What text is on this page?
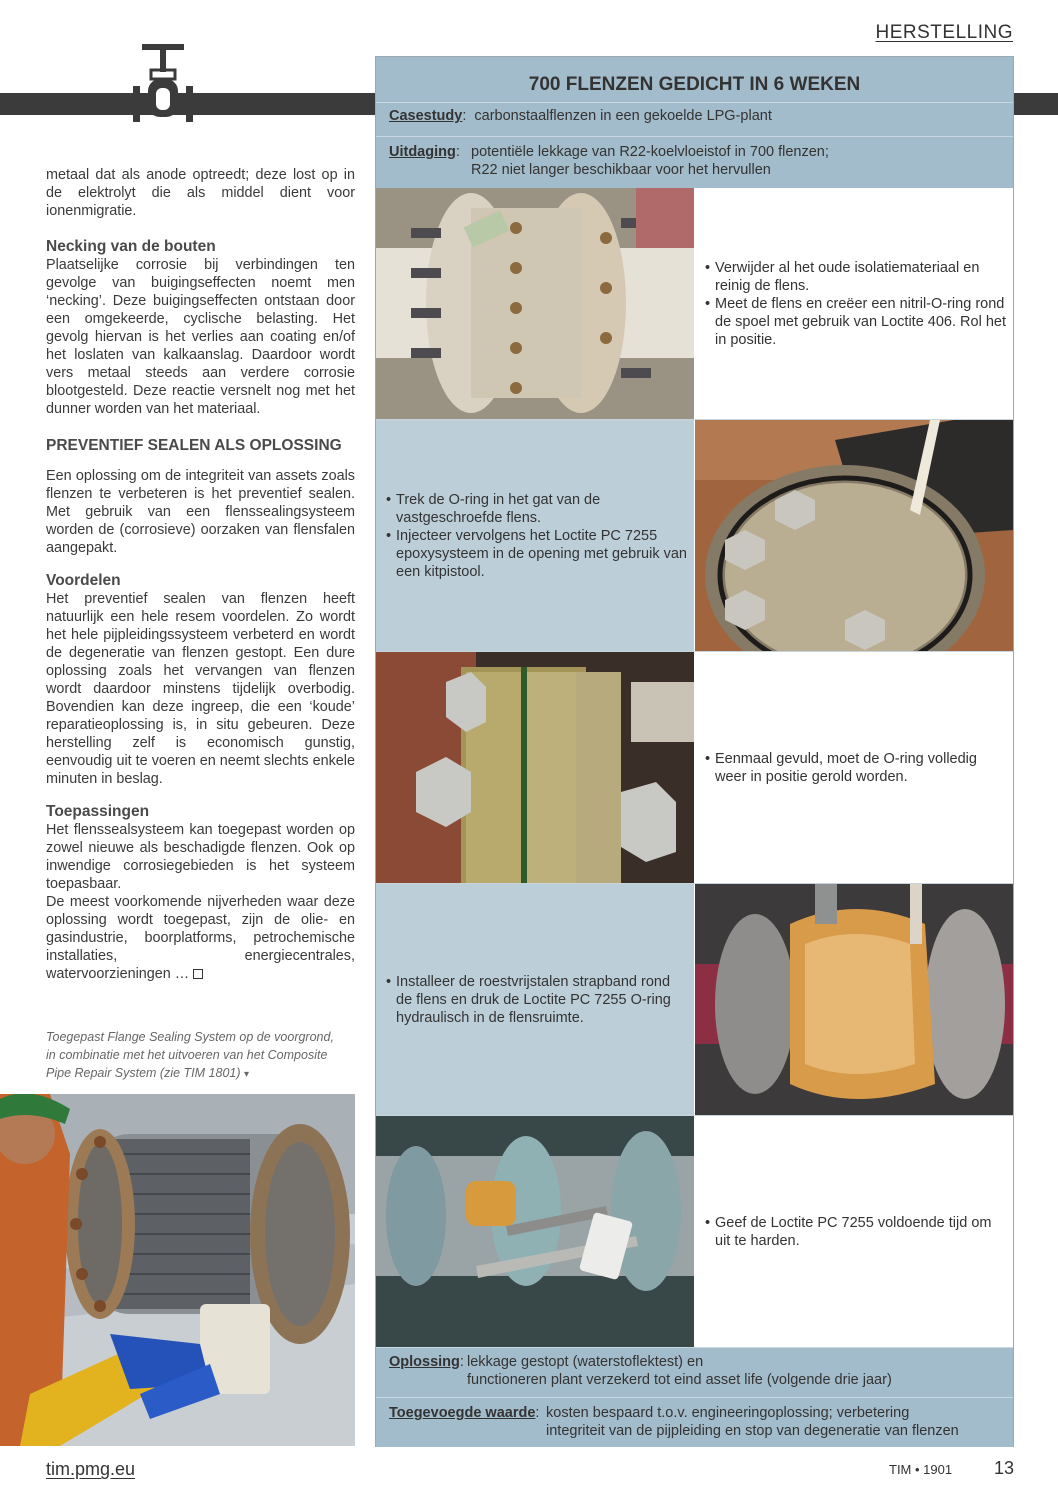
HERSTELLING

metaal dat als anode optreedt; deze lost op in de elektrolyt die als middel dient voor ionenmigratie.

Necking van de bouten

Plaatselijke corrosie bij verbindingen ten gevolge van buigingseffecten noemt men ‘necking’. Deze buigingseffecten ontstaan door een omgekeerde, cyclische belasting. Het gevolg hiervan is het verlies aan coating en/of het loslaten van kalkaanslag. Daardoor wordt vers metaal steeds aan verdere corrosie blootgesteld. Deze reactie versnelt nog met het dunner worden van het materiaal.

PREVENTIEF SEALEN ALS OPLOSSING

Een oplossing om de integriteit van assets zoals flenzen te verbeteren is het preventief sealen. Met gebruik van een flenssealingsysteem worden de (corrosieve) oorzaken van flensfalen aangepakt.

Voordelen

Het preventief sealen van flenzen heeft natuurlijk een hele resem voordelen. Zo wordt het hele pijpleidingssysteem verbeterd en wordt de degeneratie van flenzen gestopt. Een dure oplossing zoals het vervangen van flenzen wordt daardoor minstens tijdelijk overbodig. Bovendien kan deze ingreep, die een ‘koude’ reparatieoplossing is, in situ gebeuren. Deze herstelling zelf is economisch gunstig, eenvoudig uit te voeren en neemt slechts enkele minuten in beslag.

Toepassingen

Het flenssealsysteem kan toegepast worden op zowel nieuwe als beschadigde flenzen. Ook op inwendige corrosiegebieden is het systeem toepasbaar.

De meest voorkomende nijverheden waar deze oplossing wordt toegepast, zijn de olie- en gasindustrie, boorplatforms, petrochemische installaties, energiecentrales, watervoorzieningen …

Toegepast Flange Sealing System op de voorgrond, in combinatie met het uitvoeren van het Composite Pipe Repair System (zie TIM 1801) ▾
700 FLENZEN GEDICHT IN 6 WEKEN
Casestudy: carbonstaalflenzen in een gekoelde LPG-plant
Uitdaging: potentiële lekkage van R22-koelvloeistof in 700 flenzen;
R22 niet langer beschikbaar voor het hervullen
• Verwijder al het oude isolatiemateriaal en reinig de flens.
• Meet de flens en creëer een nitril-O-ring rond de spoel met gebruik van Loctite 406. Rol het in positie.
• Trek de O-ring in het gat van de vastgeschroefde flens.
• Injecteer vervolgens het Loctite PC 7255 epoxysysteem in de opening met gebruik van een kitpistool.
• Eenmaal gevuld, moet de O-ring volledig weer in positie gerold worden.
• Installeer de roestvrijstalen strapband rond de flens en druk de Loctite PC 7255 O-ring hydraulisch in de flensruimte.
• Geef de Loctite PC 7255 voldoende tijd om uit te harden.
Oplossing: lekkage gestopt (waterstoflektest) en
functioneren plant verzekerd tot eind asset life (volgende drie jaar)
Toegevoegde waarde: kosten bespaard t.o.v. engineeringoplossing; verbetering
integriteit van de pijpleiding en stop van degeneratie van flenzen
tim.pmg.eu	TIM • 1901 13
